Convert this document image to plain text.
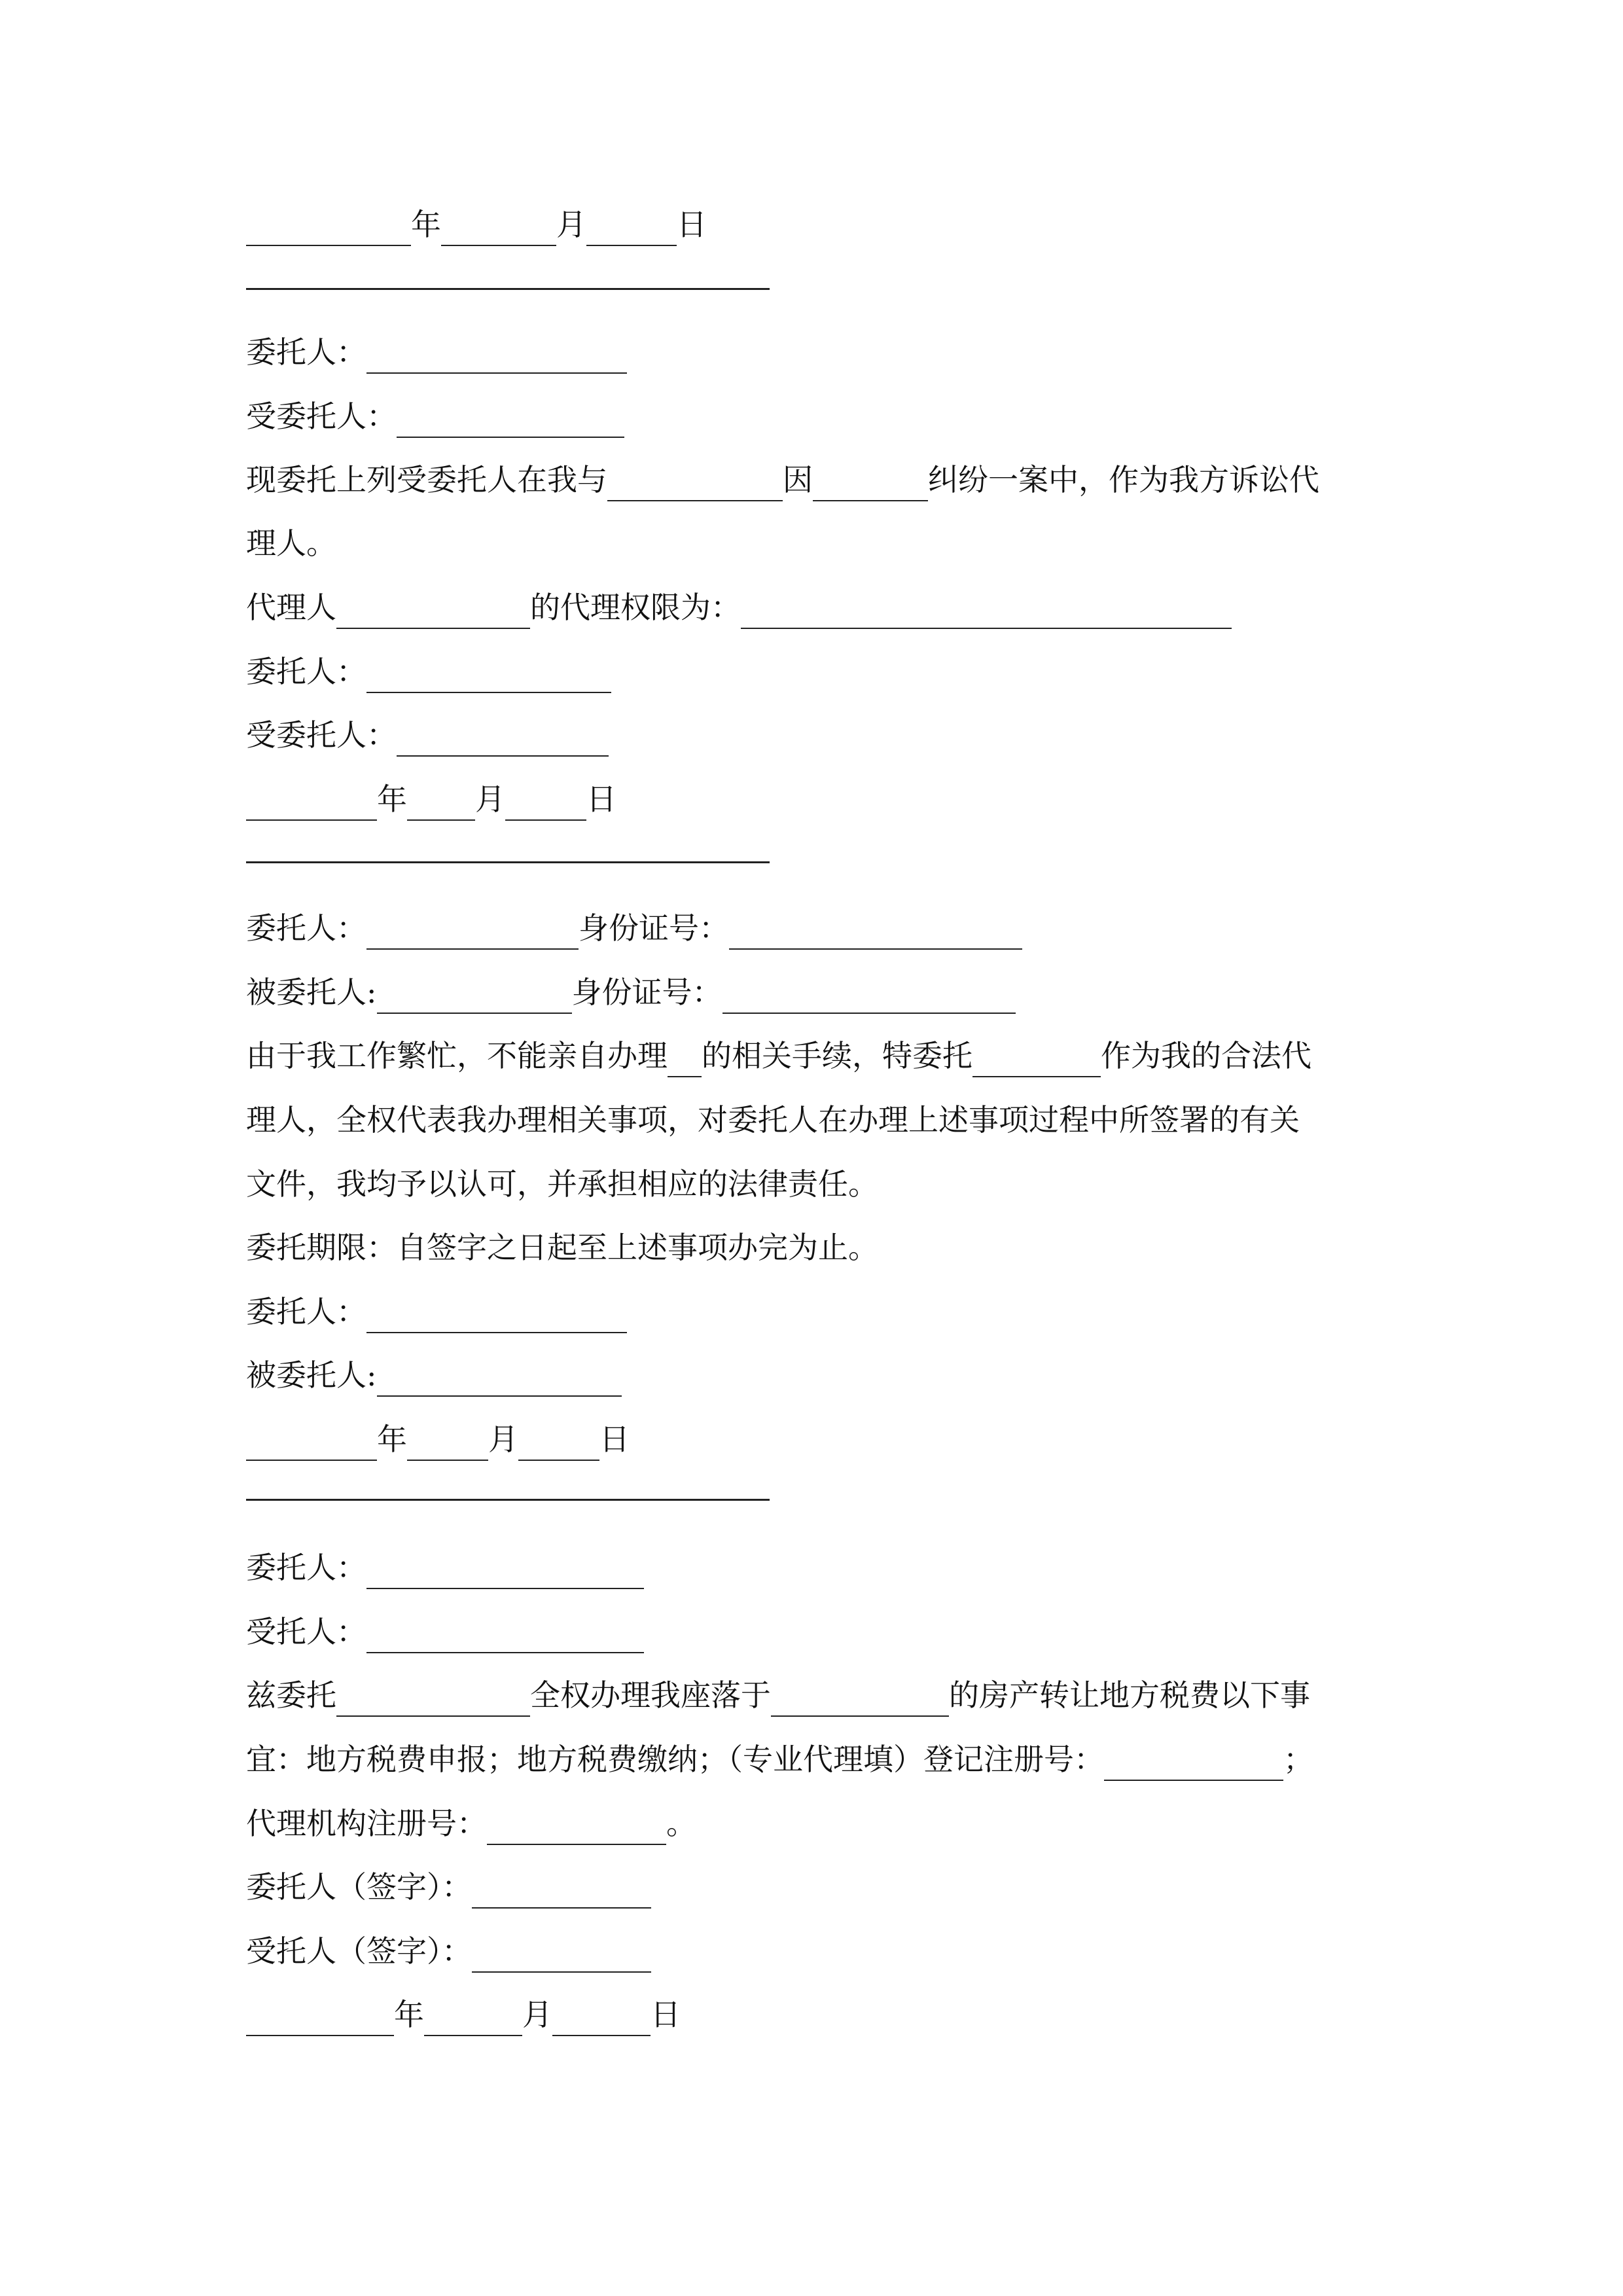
年	月	日
委托人：
受委托人：
现委托上列受委托人在我与	因	纠纷一案中，作为我方诉讼代
理人。
代理人	的代理权限为：
委托人：
受委托人：
年 月	日
委托人：	身份证号：
被委托人:	身份证号：
由于我工作繁忙，不能亲自办理 的相关手续，特委托	作为我的合法代
理人，全权代表我办理相关事项，对委托人在办理上述事项过程中所签署的有关
文件，我均予以认可，并承担相应的法律责任。
委托期限：自签字之日起至上述事项办完为止。
委托人：
被委托人:
年	月	日
委托人：
受托人：
兹委托	全权办理我座落于	的房产转让地方税费以下事
宜：地方税费申报；地方税费缴纳；（专业代理填）登记注册号：	；
代理机构注册号：	。
委托人（签字）：
受托人（签字）：
年	月	日
